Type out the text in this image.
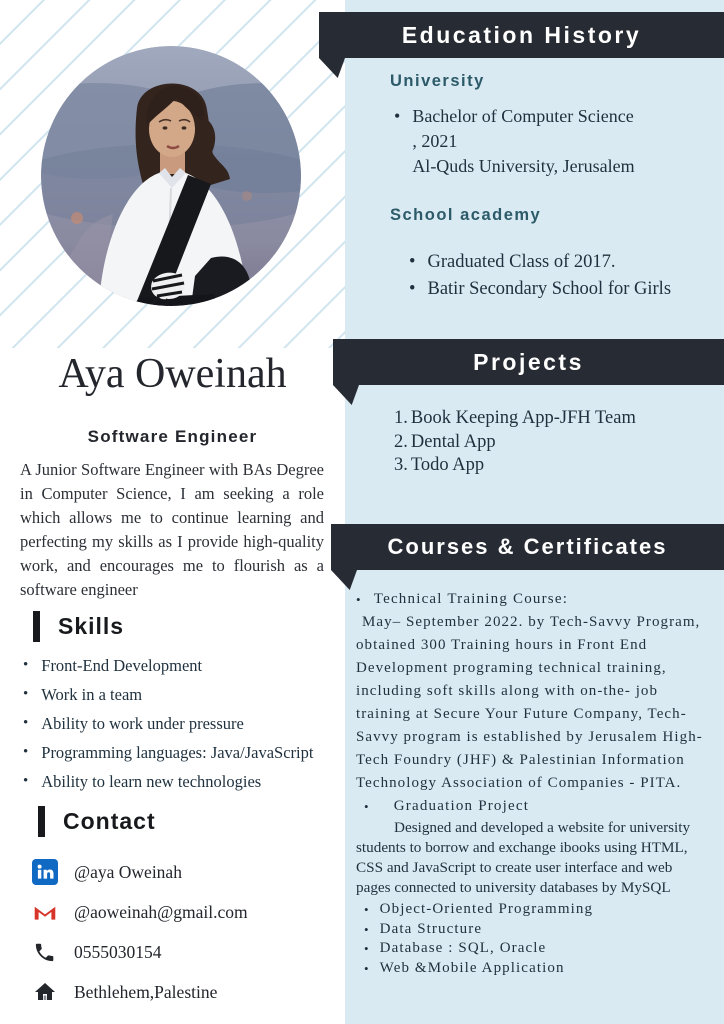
Education History
Projects
Courses & Certificates
University
•
Bachelor of Computer Science
, 2021
Al-Quds University, Jerusalem
School academy
•
Graduated Class of 2017.
•
Batir Secondary School for Girls
Book Keeping App-JFH Team
Dental App
Todo App
•
Technical Training Course:
May– September 2022. by Tech-Savvy Program, obtained 300 Training hours in Front End Development programing technical training, including soft skills along with on-the- job training at Secure Your Future Company, Tech-Savvy program is established by Jerusalem High-Tech Foundry (JHF) & Palestinian Information Technology Association of Companies - PITA.
•
Graduation Project
Designed and developed a website for university students to borrow and exchange ibooks using HTML, CSS and JavaScript to create user interface and web pages connected to university databases by MySQL
•
Object-Oriented Programming
•
Data Structure
•
Database : SQL, Oracle
•
Web &Mobile Application
Aya Oweinah
Software Engineer
A Junior Software Engineer with BAs Degree in Computer Science, I am seeking a role which allows me to continue learning and perfecting my skills as I provide high-quality work, and encourages me to flourish as a software engineer
Skills
•
Front-End Development
•
Work in a team
•
Ability to work under pressure
•
Programming languages: Java/JavaScript
•
Ability to learn new technologies
Contact
@aya Oweinah
@aoweinah@gmail.com
0555030154
Bethlehem,Palestine
